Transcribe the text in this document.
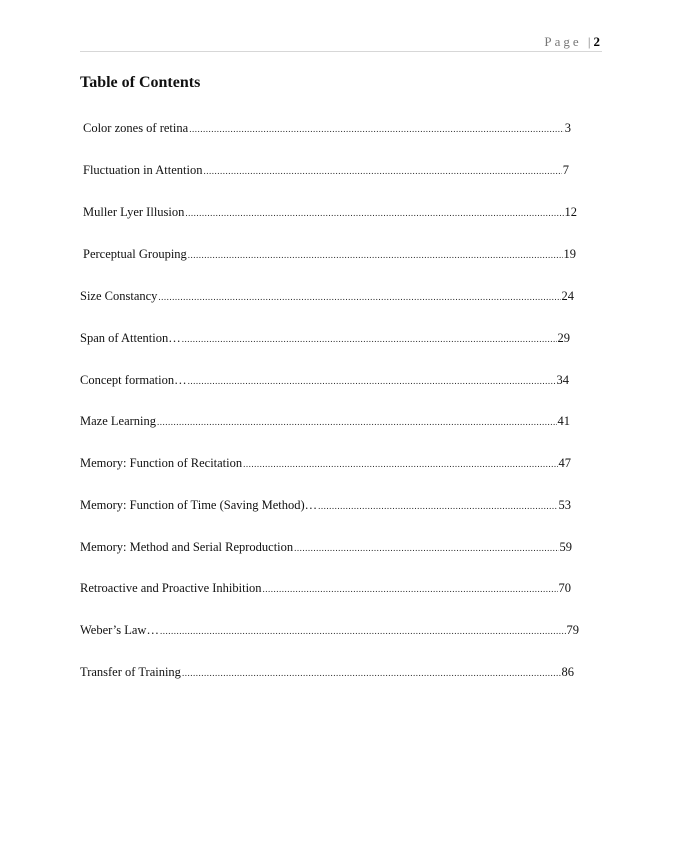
Page |2
Table of Contents
Color zones of retina .....	3
Fluctuation in Attention .....	7
Muller Lyer Illusion .....	12
Perceptual Grouping .....	19
Size Constancy .....	24
Span of Attention… .....	29
Concept formation… .....	34
Maze Learning .....	41
Memory: Function of Recitation .....	47
Memory: Function of Time (Saving Method)… .....	53
Memory: Method and Serial Reproduction .....	59
Retroactive and Proactive Inhibition .....	70
Weber’s Law… .....	79
Transfer of Training .....	86
